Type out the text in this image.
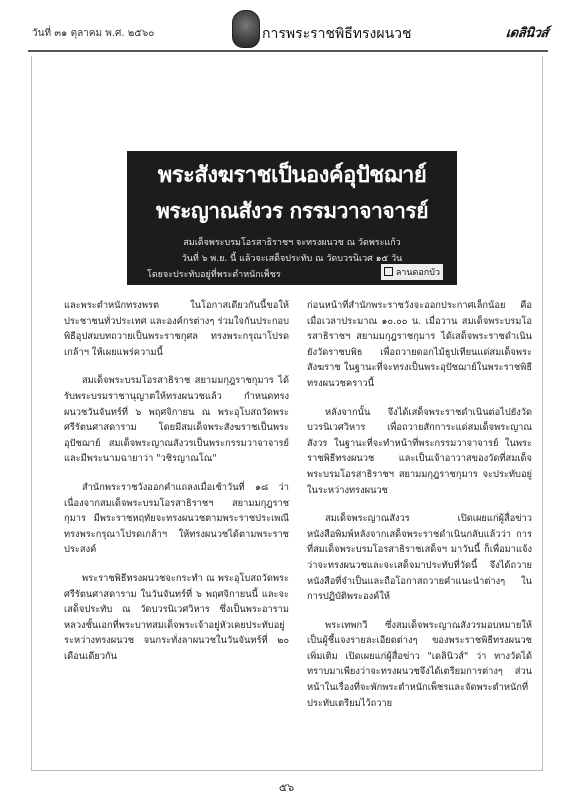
วันที่ ๓๑ ตุลาคม พ.ศ. ๒๕๖๐	การพระราชพิธีทรงผนวช	เดลินิวส์
พระสังฆราชเป็นองค์อุปัชฌาย์
พระญาณสังวร กรรมวาจาจารย์
สมเด็จพระบรมโอรสาธิราชฯ จะทรงผนวช ณ วัดพระแก้ว
วันที่ ๖ พ.ย. นี้ แล้วจะเสด็จประทับ ณ วัดบวรนิเวศ ๑๕ วัน
โดยจะประทับอยู่ที่พระตำหนักเพ็ชร	ลานดอกบัว

และพระตำหนักทรงพรต ในโอกาสเดียวกันนี้ขอให้ประชาชนทั่วประเทศ และองค์กรต่างๆ ร่วมใจกันประกอบพิธีอุปสมบทถวายเป็นพระราชกุศล ทรงพระกรุณาโปรดเกล้าฯ ให้เผยแพร่ความนี้

สมเด็จพระบรมโอรสาธิราช สยามมกุฎราชกุมาร ได้รับพระบรมราชานุญาตให้ทรงผนวชแล้ว กำหนดทรงผนวชวันจันทร์ที่ ๖ พฤศจิกายน ณ พระอุโบสถวัดพระศรีรัตนศาสดาราม โดยมีสมเด็จพระสังฆราชเป็นพระอุปัชฌาย์ สมเด็จพระญาณสังวรเป็นพระกรรมวาจาจารย์ และมีพระนามฉายาว่า "วชิรญาณโณ"

สำนักพระราชวังออกคำแถลงเมื่อเช้าวันที่ ๑๘ ว่า เนื่องจากสมเด็จพระบรมโอรสาธิราชฯ สยามมกุฎราชกุมาร มีพระราชหฤทัยจะทรงผนวชตามพระราชประเพณี ทรงพระกรุณาโปรดเกล้าฯ ให้ทรงผนวชได้ตามพระราชประสงค์

พระราชพิธีทรงผนวชจะกระทำ ณ พระอุโบสถวัดพระศรีรัตนศาสดาราม ในวันจันทร์ที่ ๖ พฤศจิกายนนี้ และจะเสด็จประทับ ณ วัดบวรนิเวศวิหาร ซึ่งเป็นพระอารามหลวงชั้นเอกที่พระบาทสมเด็จพระเจ้าอยู่หัวเคยประทับอยู่ระหว่างทรงผนวช จนกระทั่งลาผนวชในวันจันทร์ที่ ๒๐ เดือนเดียวกัน

ก่อนหน้าที่สำนักพระราชวังจะออกประกาศเล็กน้อย คือเมื่อเวลาประมาณ ๑๐.๐๐ น. เมื่อวาน สมเด็จพระบรมโอรสาธิราชฯ สยามมกุฎราชกุมาร ได้เสด็จพระราชดำเนินยังวัดราชบพิธ เพื่อถวายดอกไม้ธูปเทียนแด่สมเด็จพระสังฆราช ในฐานะที่จะทรงเป็นพระอุปัชฌาย์ในพระราชพิธีทรงผนวชคราวนี้

หลังจากนั้น จึงได้เสด็จพระราชดำเนินต่อไปยังวัดบวรนิเวศวิหาร เพื่อถวายสักการะแด่สมเด็จพระญาณสังวร ในฐานะที่จะทำหน้าที่พระกรรมวาจาจารย์ ในพระราชพิธีทรงผนวช และเป็นเจ้าอาวาสของวัดที่สมเด็จพระบรมโอรสาธิราชฯ สยามมกุฎราชกุมาร จะประทับอยู่ในระหว่างทรงผนวช

สมเด็จพระญาณสังวร เปิดเผยแก่ผู้สื่อข่าวหนังสือพิมพ์หลังจากเสด็จพระราชดำเนินกลับแล้วว่า การที่สมเด็จพระบรมโอรสาธิราชเสด็จฯ มาวันนี้ ก็เพื่อมาแจ้งว่าจะทรงผนวชและจะเสด็จมาประทับที่วัดนี้ จึงได้ถวายหนังสือที่จำเป็นและถือโอกาสถวายคำแนะนำต่างๆ ในการปฏิบัติพระองค์ให้

พระเทพกวี ซึ่งสมเด็จพระญาณสังวรมอบหมายให้เป็นผู้ชี้แจงรายละเอียดต่างๆ ของพระราชพิธีทรงผนวชเพิ่มเติม เปิดเผยแก่ผู้สื่อข่าว "เดลินิวส์" ว่า ทางวัดได้ทราบมาเพียงว่าจะทรงผนวชจึงได้เตรียมการต่างๆ ส่วนหน้าในเรื่องที่จะพักพระตำหนักเพ็ชรและจัดพระตำหนักที่ประทับเตรียมไว้ถวาย

๕๖
